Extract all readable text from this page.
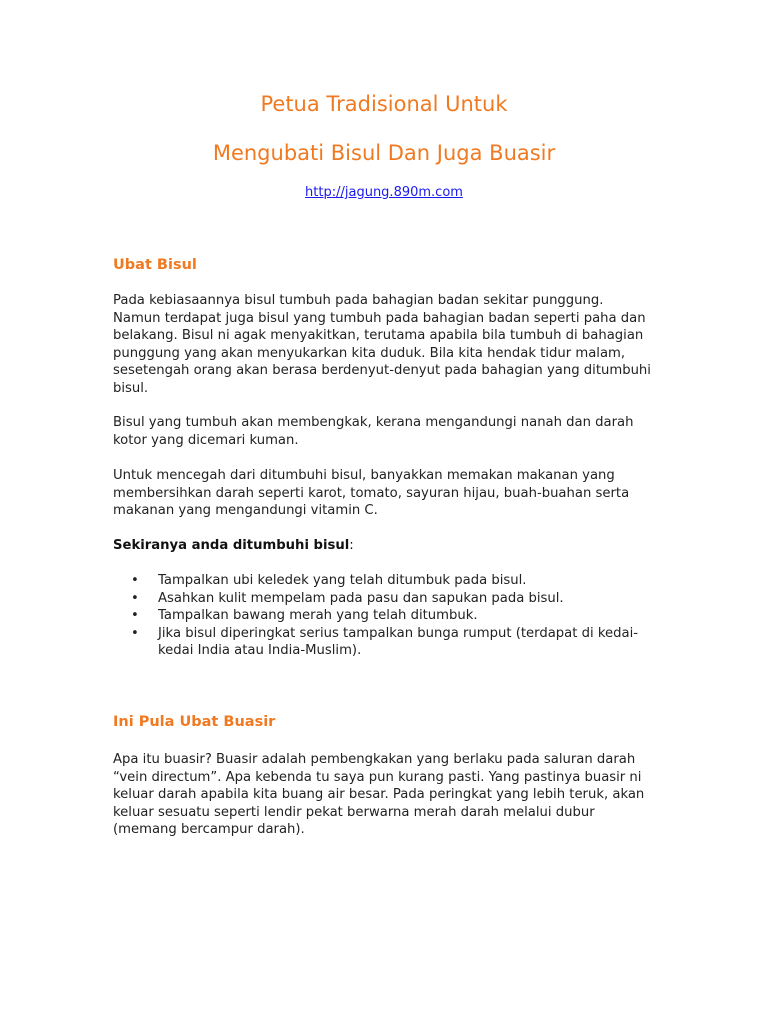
Petua Tradisional Untuk
Mengubati Bisul Dan Juga Buasir
http://jagung.890m.com
Ubat Bisul

Pada kebiasaannya bisul tumbuh pada bahagian badan sekitar punggung. Namun terdapat juga bisul yang tumbuh pada bahagian badan seperti paha dan belakang. Bisul ni agak menyakitkan, terutama apabila bila tumbuh di bahagian punggung yang akan menyukarkan kita duduk. Bila kita hendak tidur malam, sesetengah orang akan berasa berdenyut-denyut pada bahagian yang ditumbuhi bisul.

Bisul yang tumbuh akan membengkak, kerana mengandungi nanah dan darah kotor yang dicemari kuman.

Untuk mencegah dari ditumbuhi bisul, banyakkan memakan makanan yang membersihkan darah seperti karot, tomato, sayuran hijau, buah-buahan serta makanan yang mengandungi vitamin C.

Sekiranya anda ditumbuhi bisul:

• Tampalkan ubi keledek yang telah ditumbuk pada bisul.
• Asahkan kulit mempelam pada pasu dan sapukan pada bisul.
• Tampalkan bawang merah yang telah ditumbuk.
• Jika bisul diperingkat serius tampalkan bunga rumput (terdapat di kedai-kedai India atau India-Muslim).
Ini Pula Ubat Buasir

Apa itu buasir? Buasir adalah pembengkakan yang berlaku pada saluran darah “vein directum”. Apa kebenda tu saya pun kurang pasti. Yang pastinya buasir ni keluar darah apabila kita buang air besar. Pada peringkat yang lebih teruk, akan keluar sesuatu seperti lendir pekat berwarna merah darah melalui dubur (memang bercampur darah).
